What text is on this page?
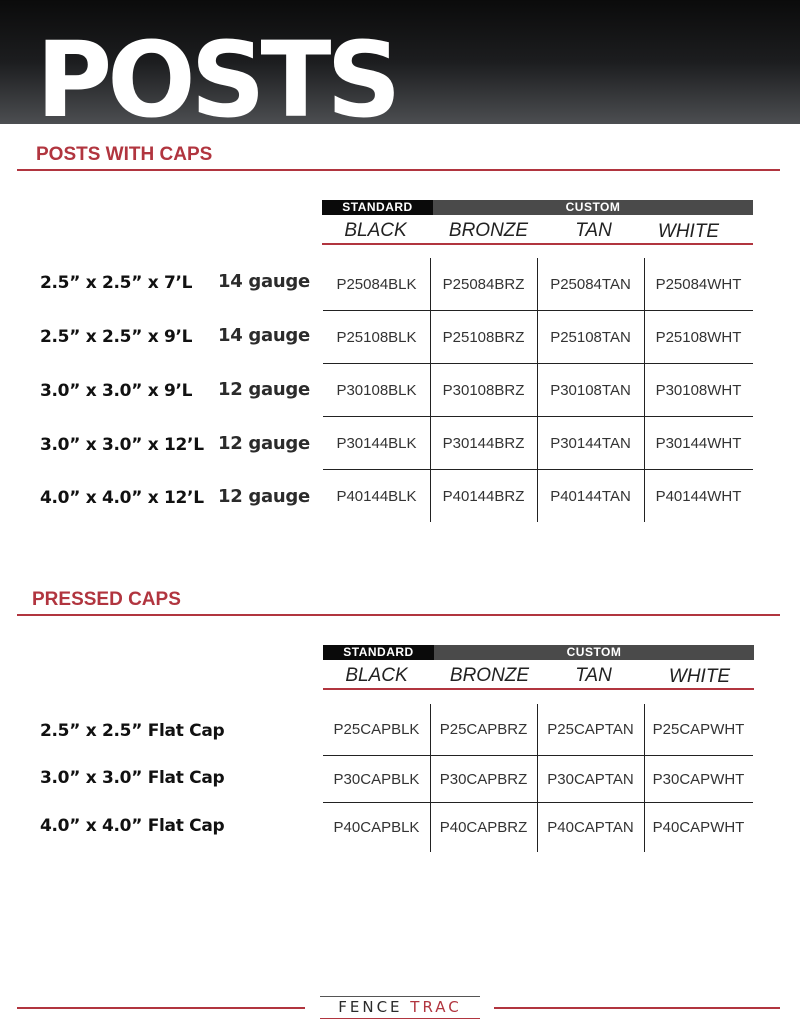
POSTS
POSTS WITH CAPS
STANDARD	CUSTOM
BLACK	BRONZE	TAN	WHITE
2.5” x 2.5” x 7’L 14 gauge	P25084BLK	P25084BRZ	P25084TAN	P25084WHT
2.5” x 2.5” x 9’L 14 gauge	P25108BLK	P25108BRZ	P25108TAN	P25108WHT
3.0” x 3.0” x 9’L 12 gauge	P30108BLK	P30108BRZ	P30108TAN	P30108WHT
3.0” x 3.0” x 12’L 12 gauge	P30144BLK	P30144BRZ	P30144TAN	P30144WHT
4.0” x 4.0” x 12’L 12 gauge	P40144BLK	P40144BRZ	P40144TAN	P40144WHT
PRESSED CAPS
STANDARD	CUSTOM
BLACK	BRONZE	TAN	WHITE
2.5” x 2.5” Flat Cap	P25CAPBLK	P25CAPBRZ	P25CAPTAN	P25CAPWHT
3.0” x 3.0” Flat Cap	P30CAPBLK	P30CAPBRZ	P30CAPTAN	P30CAPWHT
4.0” x 4.0” Flat Cap	P40CAPBLK	P40CAPBRZ	P40CAPTAN	P40CAPWHT
FENCE TRAC
